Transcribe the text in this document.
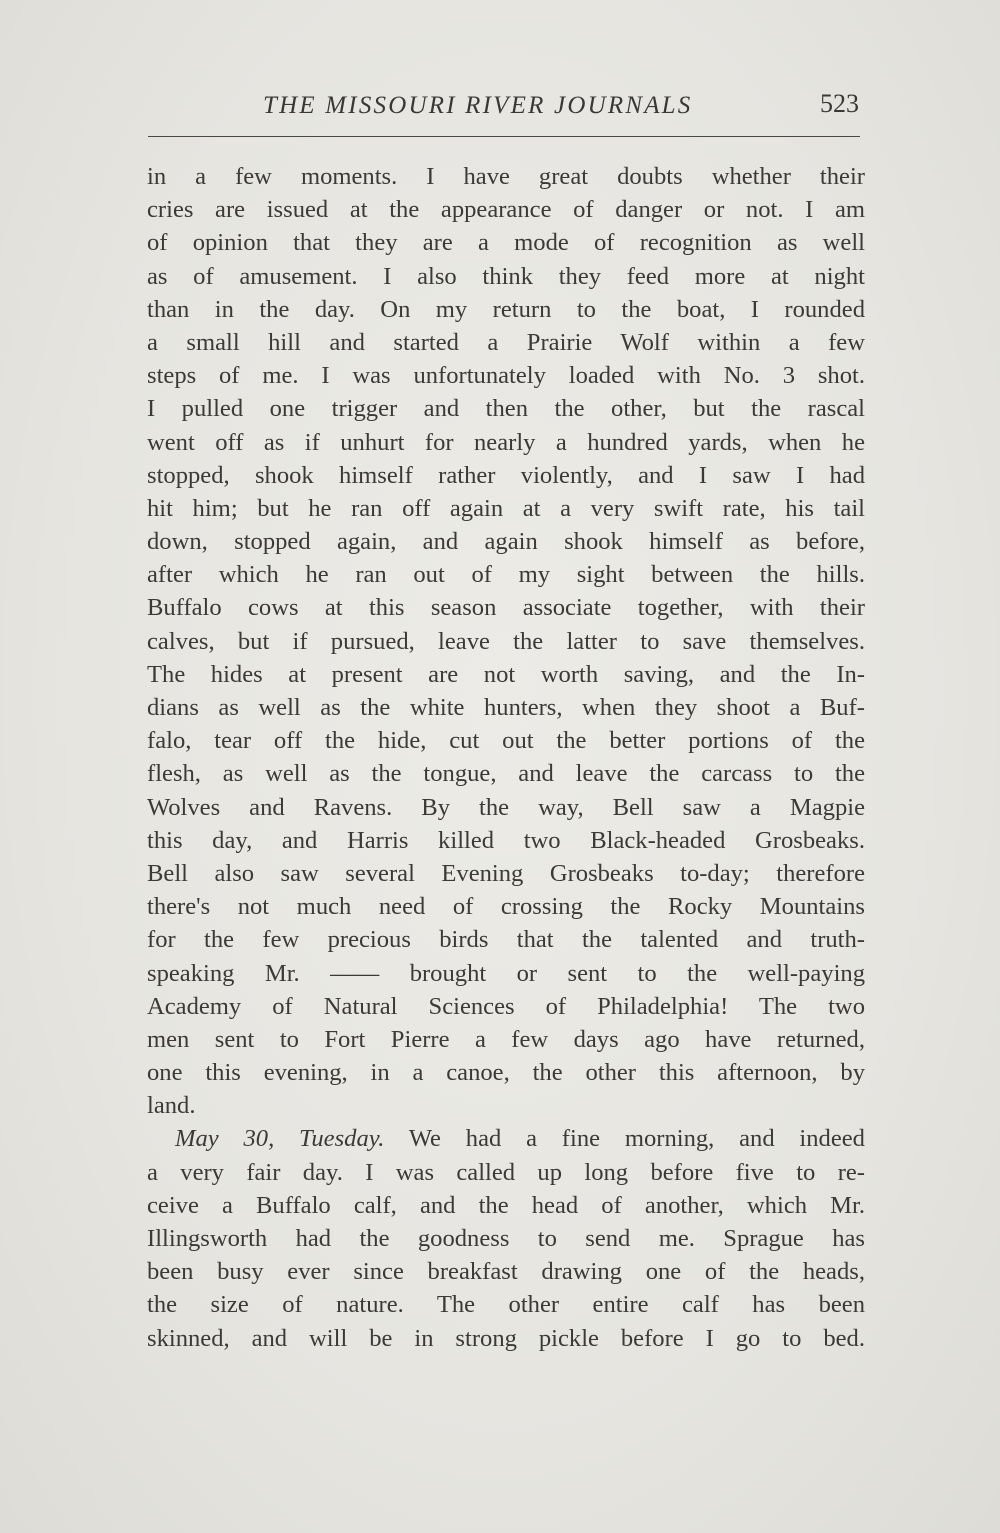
THE MISSOURI RIVER JOURNALS	523
in a few moments. I have great doubts whether their
cries are issued at the appearance of danger or not. I am
of opinion that they are a mode of recognition as well
as of amusement. I also think they feed more at night
than in the day. On my return to the boat, I rounded
a small hill and started a Prairie Wolf within a few
steps of me. I was unfortunately loaded with No. 3 shot.
I pulled one trigger and then the other, but the rascal
went off as if unhurt for nearly a hundred yards, when he
stopped, shook himself rather violently, and I saw I had
hit him; but he ran off again at a very swift rate, his tail
down, stopped again, and again shook himself as before,
after which he ran out of my sight between the hills.
Buffalo cows at this season associate together, with their
calves, but if pursued, leave the latter to save themselves.
The hides at present are not worth saving, and the In-
dians as well as the white hunters, when they shoot a Buf-
falo, tear off the hide, cut out the better portions of the
flesh, as well as the tongue, and leave the carcass to the
Wolves and Ravens. By the way, Bell saw a Magpie
this day, and Harris killed two Black-headed Grosbeaks.
Bell also saw several Evening Grosbeaks to-day; therefore
there's not much need of crossing the Rocky Mountains
for the few precious birds that the talented and truth-
speaking Mr. —— brought or sent to the well-paying
Academy of Natural Sciences of Philadelphia! The two
men sent to Fort Pierre a few days ago have returned,
one this evening, in a canoe, the other this afternoon, by
land.
May 30, Tuesday. We had a fine morning, and indeed
a very fair day. I was called up long before five to re-
ceive a Buffalo calf, and the head of another, which Mr.
Illingsworth had the goodness to send me. Sprague has
been busy ever since breakfast drawing one of the heads,
the size of nature. The other entire calf has been
skinned, and will be in strong pickle before I go to bed.
